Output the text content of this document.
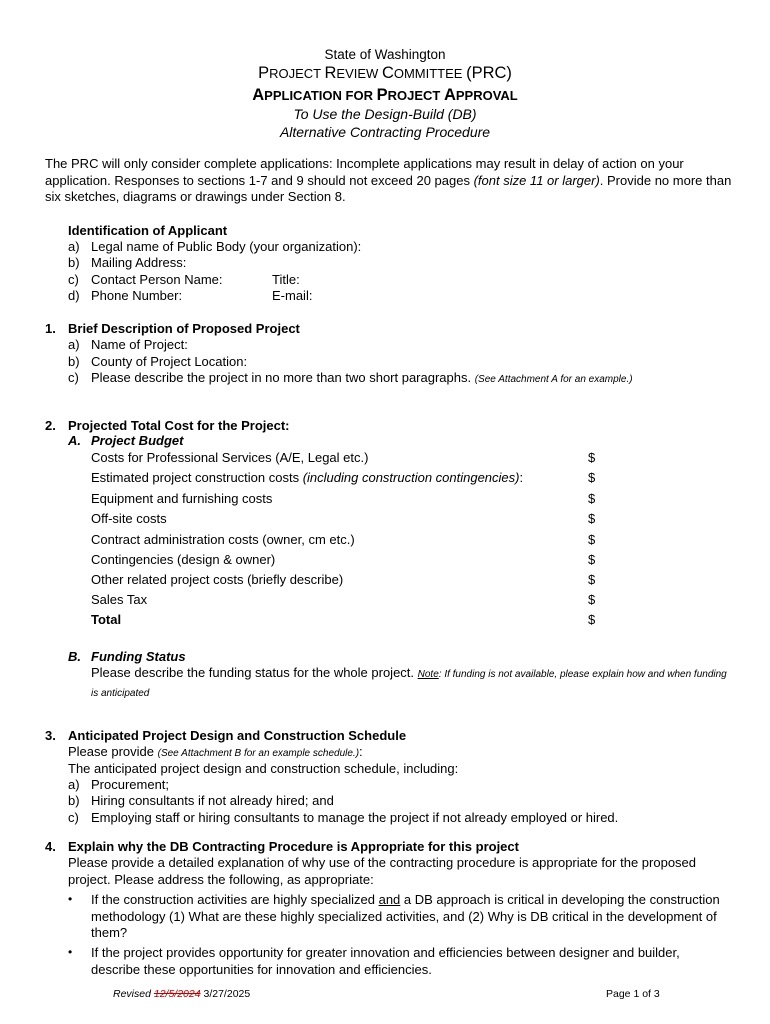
State of Washington
PROJECT REVIEW COMMITTEE (PRC)
APPLICATION FOR PROJECT APPROVAL
To Use the Design-Build (DB)
Alternative Contracting Procedure
The PRC will only consider complete applications: Incomplete applications may result in delay of action on your application. Responses to sections 1-7 and 9 should not exceed 20 pages (font size 11 or larger). Provide no more than six sketches, diagrams or drawings under Section 8.
Identification of Applicant
a) Legal name of Public Body (your organization):
b) Mailing Address:
c) Contact Person Name:	Title:
d) Phone Number:	E-mail:
1. Brief Description of Proposed Project
a) Name of Project:
b) County of Project Location:
c) Please describe the project in no more than two short paragraphs. (See Attachment A for an example.)
2. Projected Total Cost for the Project:
A. Project Budget
Costs for Professional Services (A/E, Legal etc.)	$
Estimated project construction costs (including construction contingencies):	$
Equipment and furnishing costs	$
Off-site costs	$
Contract administration costs (owner, cm etc.)	$
Contingencies (design & owner)	$
Other related project costs (briefly describe)	$
Sales Tax	$
Total	$
B. Funding Status
Please describe the funding status for the whole project. Note: If funding is not available, please explain how and when funding is anticipated
3. Anticipated Project Design and Construction Schedule
Please provide (See Attachment B for an example schedule.):
The anticipated project design and construction schedule, including:
a) Procurement;
b) Hiring consultants if not already hired; and
c) Employing staff or hiring consultants to manage the project if not already employed or hired.
4. Explain why the DB Contracting Procedure is Appropriate for this project
Please provide a detailed explanation of why use of the contracting procedure is appropriate for the proposed project. Please address the following, as appropriate:
• If the construction activities are highly specialized and a DB approach is critical in developing the construction methodology (1) What are these highly specialized activities, and (2) Why is DB critical in the development of them?
• If the project provides opportunity for greater innovation and efficiencies between designer and builder, describe these opportunities for innovation and efficiencies.
Revised 12/5/2024 3/27/2025	Page 1 of 3
